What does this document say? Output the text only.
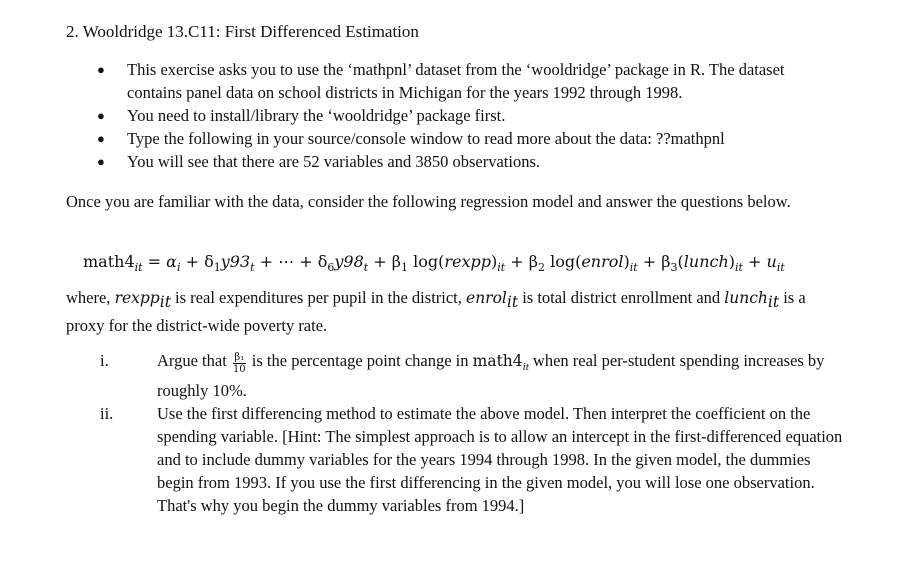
2. Wooldridge 13.C11: First Differenced Estimation
● This exercise asks you to use the ‘mathpnl’ dataset from the ‘wooldridge’ package in R. The dataset contains panel data on school districts in Michigan for the years 1992 through 1998.
● You need to install/library the ‘wooldridge’ package first.
● Type the following in your source/console window to read more about the data: ??mathpnl
● You will see that there are 52 variables and 3850 observations.
Once you are familiar with the data, consider the following regression model and answer the questions below.
$math4_{it} = \alpha_i + \delta_1y93_t$ + ⋯ + $\delta_6y98_t + \beta_1$ $\log(rexpp)_{it} + \beta_2$ $\log(enrol)_{it}$ + $\beta_3(lunch)_{it} + u_{it}$
where, rexppit is real expenditures per pupil in the district, enrolit is total district enrollment and lunchit is a proxy for the district-wide poverty rate.
i.	Argue that $\frac{\text{β₁}}{10}$ is the percentage point change in $math4_{it}$ when real per-student spending increases by roughly 10%.
ii.	Use the first differencing method to estimate the above model. Then interpret the coefficient on the spending variable. [Hint: The simplest approach is to allow an intercept in the first-differenced equation and to include dummy variables for the years 1994 through 1998. In the given model, the dummies begin from 1993. If you use the first differencing in the given model, you will lose one observation. That's why you begin the dummy variables from 1994.]
